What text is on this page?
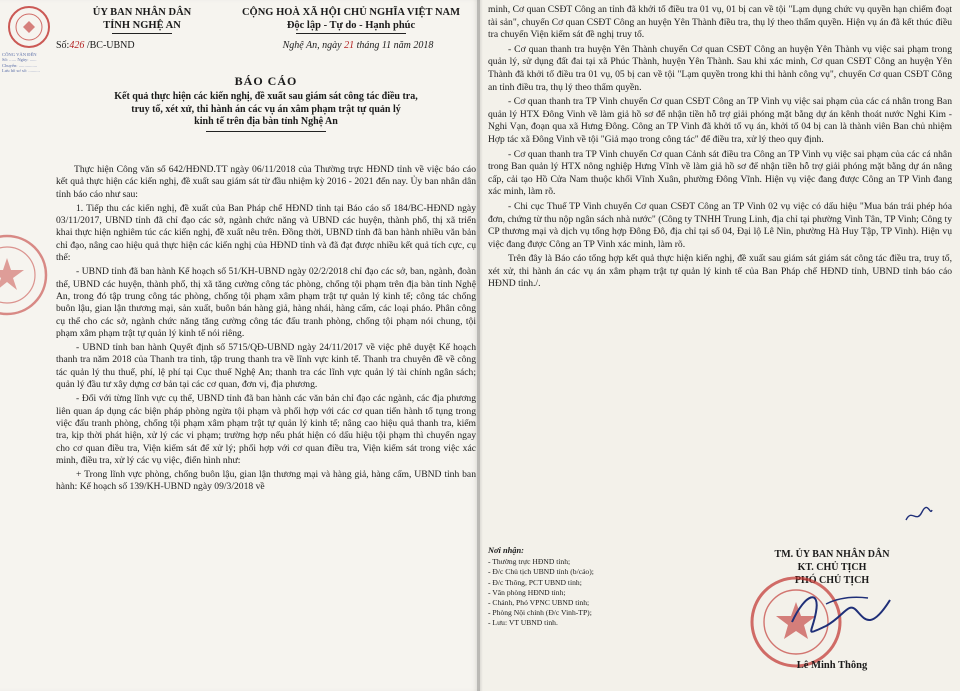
CÔNG VĂN ĐẾN
Số: ...... Ngày: ......
Chuyển: ................
Lưu hồ sơ số: ..........
ỦY BAN NHÂN DÂN
TỈNH NGHỆ AN
Số:426 /BC-UBND
CỘNG HOÀ XÃ HỘI CHỦ NGHĨA VIỆT NAM
Độc lập - Tự do - Hạnh phúc
Nghệ An, ngày 21 tháng 11 năm 2018
BÁO CÁO
Kết quả thực hiện các kiến nghị, đề xuất sau giám sát công tác điều tra,
truy tố, xét xử, thi hành án các vụ án xâm phạm trật tự quản lý
kinh tế trên địa bàn tỉnh Nghệ An

Thực hiện Công văn số 642/HĐND.TT ngày 06/11/2018 của Thường trực HĐND tỉnh về việc báo cáo kết quả thực hiện các kiến nghị, đề xuất sau giám sát từ đầu nhiệm kỳ 2016 - 2021 đến nay. Ủy ban nhân dân tỉnh báo cáo như sau:

1. Tiếp thu các kiến nghị, đề xuất của Ban Pháp chế HĐND tỉnh tại Báo cáo số 184/BC-HĐND ngày 03/11/2017, UBND tỉnh đã chỉ đạo các sở, ngành chức năng và UBND các huyện, thành phố, thị xã triển khai thực hiện nghiêm túc các kiến nghị, đề xuất nêu trên. Đồng thời, UBND tỉnh đã ban hành nhiều văn bản chỉ đạo, nâng cao hiệu quả thực hiện các kiến nghị của HĐND tỉnh và đã đạt được nhiều kết quả tích cực, cụ thể:

- UBND tỉnh đã ban hành Kế hoạch số 51/KH-UBND ngày 02/2/2018 chỉ đạo các sở, ban, ngành, đoàn thể, UBND các huyện, thành phố, thị xã tăng cường công tác phòng, chống tội phạm trên địa bàn tỉnh Nghệ An, trong đó tập trung công tác phòng, chống tội phạm xâm phạm trật tự quản lý kinh tế; công tác chống buôn lậu, gian lận thương mại, sản xuất, buôn bán hàng giả, hàng nhái, hàng cấm, các loại pháo. Phân công cụ thể cho các sở, ngành chức năng tăng cường công tác đấu tranh phòng, chống tội phạm nói chung, tội phạm xâm phạm trật tự quản lý kinh tế nói riêng.

- UBND tỉnh ban hành Quyết định số 5715/QĐ-UBND ngày 24/11/2017 về việc phê duyệt Kế hoạch thanh tra năm 2018 của Thanh tra tỉnh, tập trung thanh tra về lĩnh vực kinh tế. Thanh tra chuyên đề về công tác quản lý thu thuế, phí, lệ phí tại Cục thuế Nghệ An; thanh tra các lĩnh vực quản lý tài chính ngân sách; quản lý đầu tư xây dựng cơ bản tại các cơ quan, đơn vị, địa phương.

- Đối với từng lĩnh vực cụ thể, UBND tỉnh đã ban hành các văn bản chỉ đạo các ngành, các địa phương liên quan áp dụng các biện pháp phòng ngừa tội phạm và phối hợp với các cơ quan tiến hành tố tụng trong việc đấu tranh phòng, chống tội phạm xâm phạm trật tự quản lý kinh tế; nâng cao hiệu quả thanh tra, kiểm tra, kịp thời phát hiện, xử lý các vi phạm; trường hợp nếu phát hiện có dấu hiệu tội phạm thì chuyển ngay cho cơ quan điều tra, Viện kiểm sát để xử lý; phối hợp với cơ quan điều tra, Viện kiểm sát trong việc xác minh, điều tra, xử lý các vụ việc, điển hình như:

+ Trong lĩnh vực phòng, chống buôn lậu, gian lận thương mại và hàng giả, hàng cấm, UBND tỉnh ban hành: Kế hoạch số 139/KH-UBND ngày 09/3/2018 về

minh, Cơ quan CSĐT Công an tỉnh đã khởi tố điều tra 01 vụ, 01 bị can về tội "Lạm dụng chức vụ quyền hạn chiếm đoạt tài sản", chuyển Cơ quan CSĐT Công an huyện Yên Thành điều tra, thụ lý theo thẩm quyền. Hiện vụ án đã kết thúc điều tra chuyển Viện kiểm sát đề nghị truy tố.

- Cơ quan thanh tra huyện Yên Thành chuyển Cơ quan CSĐT Công an huyện Yên Thành vụ việc sai phạm trong quản lý, sử dụng đất đai tại xã Phúc Thành, huyện Yên Thành. Sau khi xác minh, Cơ quan CSĐT Công an huyện Yên Thành đã khởi tố điều tra 01 vụ, 05 bị can về tội "Lạm quyền trong khi thi hành công vụ", chuyển Cơ quan CSĐT Công an tỉnh điều tra, thụ lý theo thẩm quyền.

- Cơ quan thanh tra TP Vinh chuyển Cơ quan CSĐT Công an TP Vinh vụ việc sai phạm của các cá nhân trong Ban quản lý HTX Đông Vinh về làm giả hồ sơ để nhận tiền hỗ trợ giải phóng mặt bằng dự án kênh thoát nước Nghi Kim - Nghi Vạn, đoạn qua xã Hưng Đông. Công an TP Vinh đã khởi tố vụ án, khởi tố 04 bị can là thành viên Ban chủ nhiệm Hợp tác xã Đông Vinh về tội "Giả mạo trong công tác" để điều tra, xử lý theo quy định.

- Cơ quan thanh tra TP Vinh chuyển Cơ quan Cảnh sát điều tra Công an TP Vinh vụ việc sai phạm của các cá nhân trong Ban quản lý HTX nông nghiệp Hưng Vĩnh về làm giả hồ sơ để nhận tiền hỗ trợ giải phóng mặt bằng dự án nâng cấp, cải tạo Hồ Cửa Nam thuộc khối Vĩnh Xuân, phường Đông Vĩnh. Hiện vụ việc đang được Công an TP Vinh đang xác minh, làm rõ.

- Chi cục Thuế TP Vinh chuyển Cơ quan CSĐT Công an TP Vinh 02 vụ việc có dấu hiệu "Mua bán trái phép hóa đơn, chứng từ thu nộp ngân sách nhà nước" (Công ty TNHH Trung Linh, địa chỉ tại phường Vinh Tân, TP Vinh; Công ty CP thương mại và dịch vụ tổng hợp Đông Đô, địa chỉ tại số 04, Đại lộ Lê Nin, phường Hà Huy Tập, TP Vinh). Hiện vụ việc đang được Công an TP Vinh xác minh, làm rõ.

Trên đây là Báo cáo tổng hợp kết quả thực hiện kiến nghị, đề xuất sau giám sát giám sát công tác điều tra, truy tố, xét xử, thi hành án các vụ án xâm phạm trật tự quản lý kinh tế của Ban Pháp chế HĐND tỉnh, UBND tỉnh báo cáo HĐND tỉnh./.

Nơi nhận:
- Thường trực HĐND tỉnh;
- Đ/c Chủ tịch UBND tỉnh (b/cáo);
- Đ/c Thông, PCT UBND tỉnh;
- Văn phòng HĐND tỉnh;
- Chánh, Phó VPNC UBND tỉnh;
- Phòng Nội chính (Đ/c Vinh-TP);
- Lưu: VT UBND tỉnh.
TM. ỦY BAN NHÂN DÂN
KT. CHỦ TỊCH
PHÓ CHỦ TỊCH
Lê Minh Thông
